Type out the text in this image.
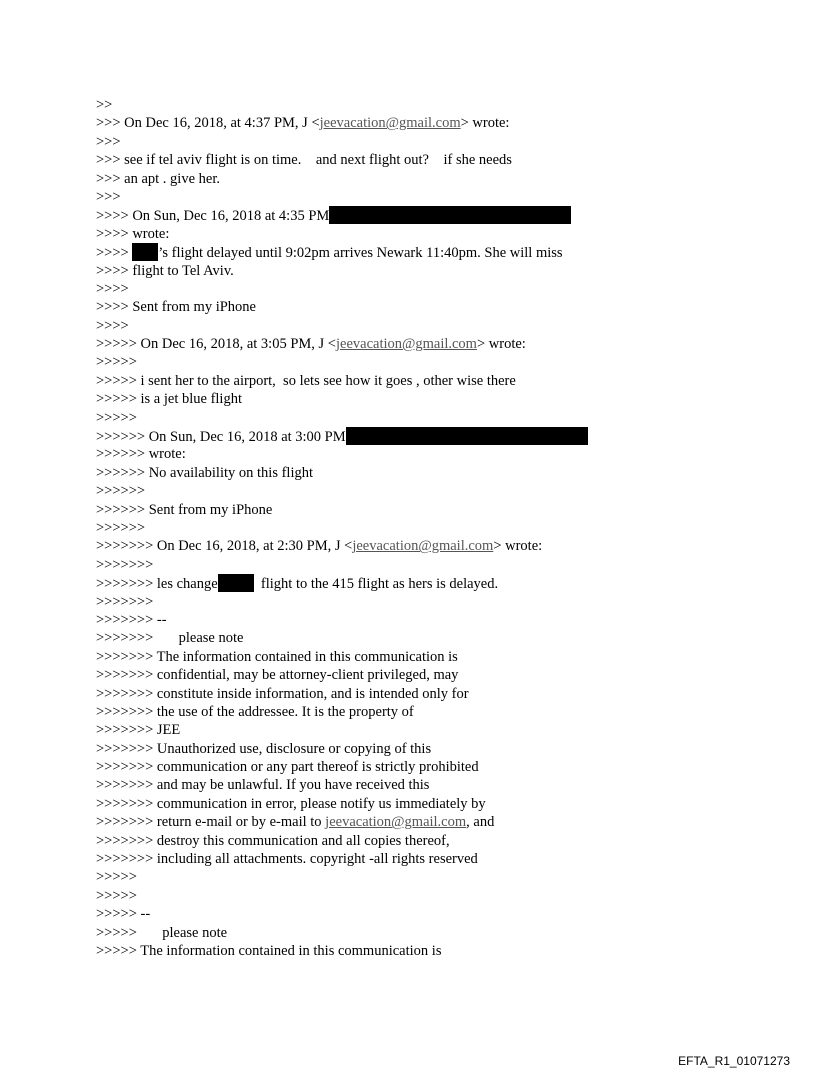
>>
>>> On Dec 16, 2018, at 4:37 PM, J <jeevacation@gmail.com> wrote:
>>>
>>> see if tel aviv flight is on time.    and next flight out?    if she needs
>>> an apt . give her.
>>>
>>>> On Sun, Dec 16, 2018 at 4:35 PM
>>>> wrote:
>>>> ’s flight delayed until 9:02pm arrives Newark 11:40pm. She will miss
>>>> flight to Tel Aviv.
>>>>
>>>> Sent from my iPhone
>>>>
>>>>> On Dec 16, 2018, at 3:05 PM, J <jeevacation@gmail.com> wrote:
>>>>>
>>>>> i sent her to the airport,  so lets see how it goes , other wise there
>>>>> is a jet blue flight
>>>>>
>>>>>> On Sun, Dec 16, 2018 at 3:00 PM
>>>>>> wrote:
>>>>>> No availability on this flight
>>>>>>
>>>>>> Sent from my iPhone
>>>>>>
>>>>>>> On Dec 16, 2018, at 2:30 PM, J <jeevacation@gmail.com> wrote:
>>>>>>>
>>>>>>> les change  flight to the 415 flight as hers is delayed.
>>>>>>>
>>>>>>> --
>>>>>>>       please note
>>>>>>> The information contained in this communication is
>>>>>>> confidential, may be attorney-client privileged, may
>>>>>>> constitute inside information, and is intended only for
>>>>>>> the use of the addressee. It is the property of
>>>>>>> JEE
>>>>>>> Unauthorized use, disclosure or copying of this
>>>>>>> communication or any part thereof is strictly prohibited
>>>>>>> and may be unlawful. If you have received this
>>>>>>> communication in error, please notify us immediately by
>>>>>>> return e-mail or by e-mail to jeevacation@gmail.com, and
>>>>>>> destroy this communication and all copies thereof,
>>>>>>> including all attachments. copyright -all rights reserved
>>>>>
>>>>>
>>>>> --
>>>>>       please note
>>>>> The information contained in this communication is
EFTA_R1_01071273
